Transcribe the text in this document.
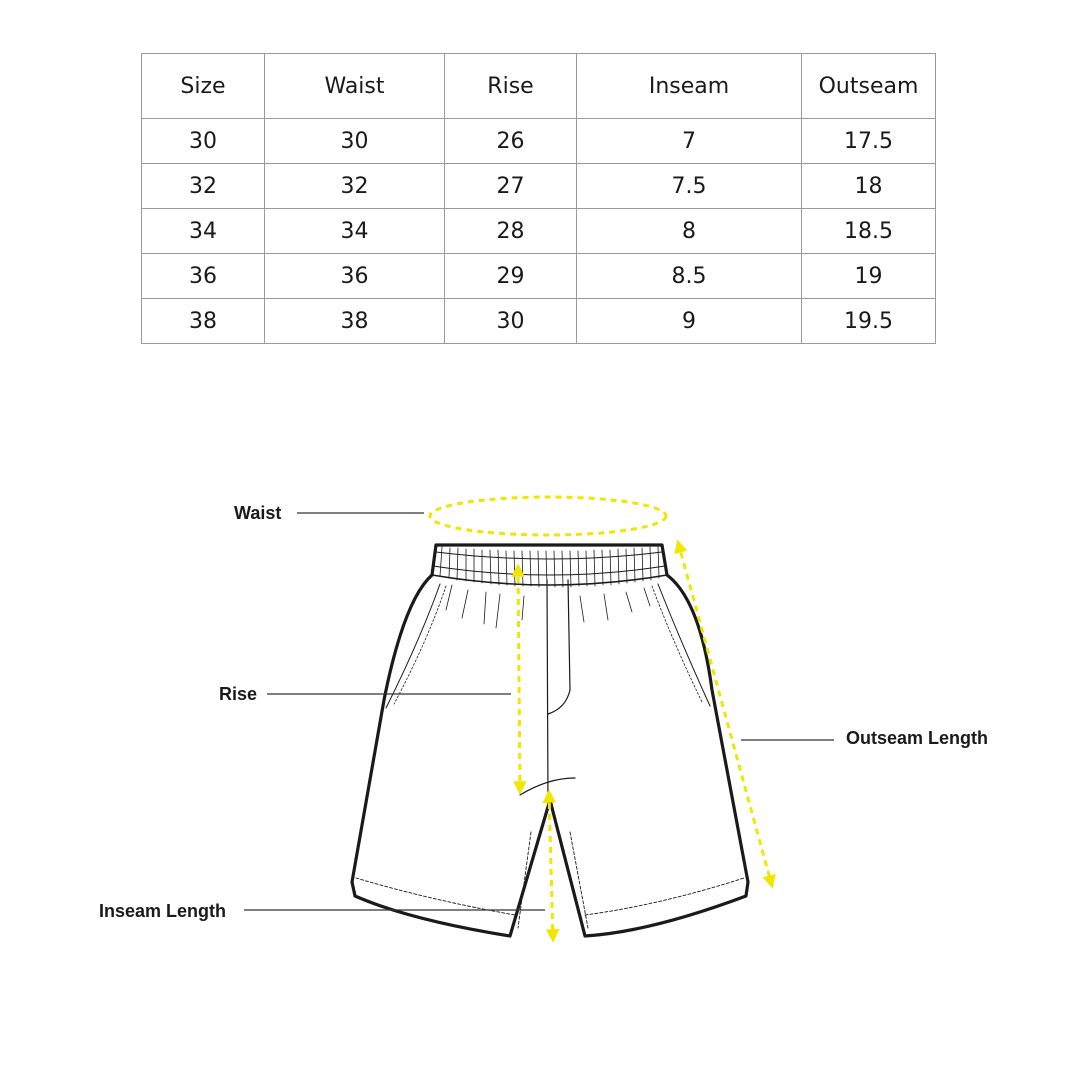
Size	Waist	Rise	Inseam	Outseam
30	30	26	7	17.5
32	32	27	7.5	18
34	34	28	8	18.5
36	36	29	8.5	19
38	38	30	9	19.5
Waist
Rise
Outseam Length
Inseam Length
